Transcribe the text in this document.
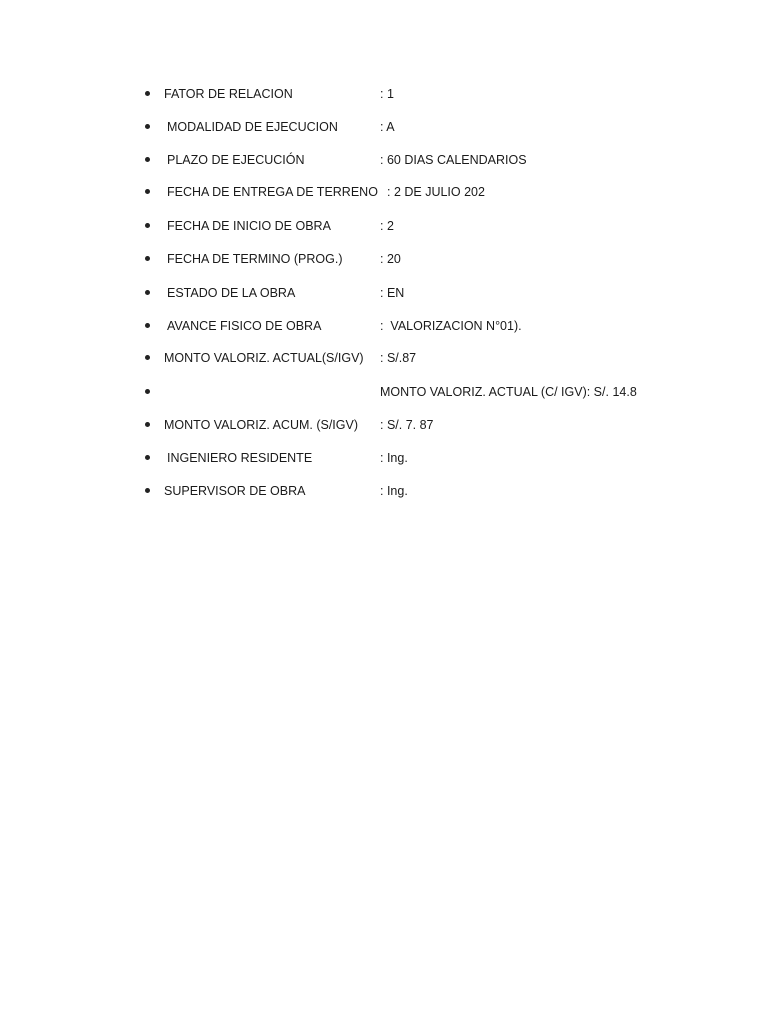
FATOR DE RELACION	: 1
MODALIDAD DE EJECUCION	: A
PLAZO DE EJECUCIÓN	: 60 DIAS CALENDARIOS
FECHA DE ENTREGA DE TERRENO : 2 DE JULIO 202
FECHA DE INICIO DE OBRA	: 2
FECHA DE TERMINO (PROG.)	: 20
ESTADO DE LA OBRA	: EN
AVANCE FISICO DE OBRA	:  VALORIZACION N°01).
MONTO VALORIZ. ACTUAL(S/IGV) : S/.87
MONTO VALORIZ. ACTUAL (C/ IGV): S/. 14.8
MONTO VALORIZ. ACUM. (S/IGV) : S/. 7. 87
INGENIERO RESIDENTE	: Ing.
SUPERVISOR DE OBRA	: Ing.
